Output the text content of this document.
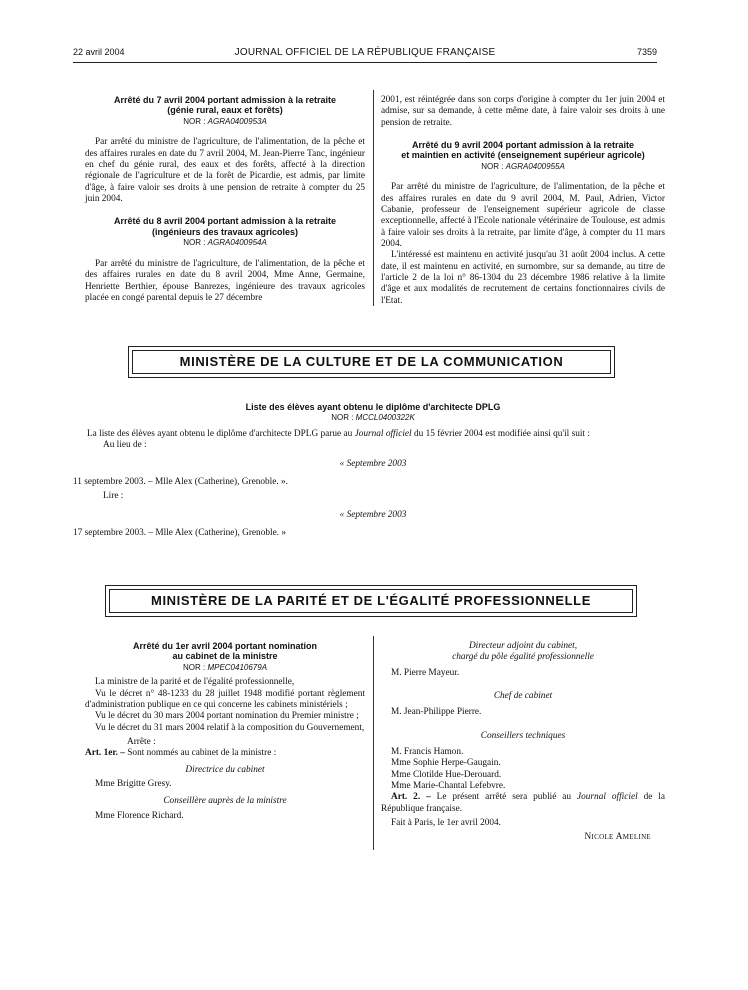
22 avril 2004	JOURNAL OFFICIEL DE LA RÉPUBLIQUE FRANÇAISE	7359
Arrêté du 7 avril 2004 portant admission à la retraite
(génie rural, eaux et forêts)
NOR : AGRA0400953A

Par arrêté du ministre de l'agriculture, de l'alimentation, de la pêche et des affaires rurales en date du 7 avril 2004, M. Jean-Pierre Tanc, ingénieur en chef du génie rural, des eaux et des forêts, affecté à la direction régionale de l'agriculture et de la forêt de Picardie, est admis, par limite d'âge, à faire valoir ses droits à une pension de retraite à compter du 25 juin 2004.

Arrêté du 8 avril 2004 portant admission à la retraite
(ingénieurs des travaux agricoles)
NOR : AGRA0400954A

Par arrêté du ministre de l'agriculture, de l'alimentation, de la pêche et des affaires rurales en date du 8 avril 2004, Mme Anne, Germaine, Henriette Berthier, épouse Banrezes, ingénieure des travaux agricoles placée en congé parental depuis le 27 décembre

2001, est réintégrée dans son corps d'origine à compter du 1er juin 2004 et admise, sur sa demande, à cette même date, à faire valoir ses droits à une pension de retraite.

Arrêté du 9 avril 2004 portant admission à la retraite
et maintien en activité (enseignement supérieur agricole)
NOR : AGRA0400955A

Par arrêté du ministre de l'agriculture, de l'alimentation, de la pêche et des affaires rurales en date du 9 avril 2004, M. Paul, Adrien, Victor Cabanie, professeur de l'enseignement supérieur agricole de classe exceptionnelle, affecté à l'Ecole nationale vétérinaire de Toulouse, est admis à faire valoir ses droits à la retraite, par limite d'âge, à compter du 11 mars 2004.

L'intéressé est maintenu en activité jusqu'au 31 août 2004 inclus. A cette date, il est maintenu en activité, en surnombre, sur sa demande, au titre de l'article 2 de la loi n° 86-1304 du 23 décembre 1986 relative à la limite d'âge et aux modalités de recrutement de certains fonctionnaires civils de l'Etat.

MINISTÈRE DE LA CULTURE ET DE LA COMMUNICATION
Liste des élèves ayant obtenu le diplôme d'architecte DPLG
NOR : MCCL0400322K
La liste des élèves ayant obtenu le diplôme d'architecte DPLG parue au Journal officiel du 15 février 2004 est modifiée ainsi qu'il suit :
Au lieu de :
« Septembre 2003
11 septembre 2003. – Mlle Alex (Catherine), Grenoble. ».
Lire :
« Septembre 2003
17 septembre 2003. – Mlle Alex (Catherine), Grenoble. »
MINISTÈRE DE LA PARITÉ ET DE L'ÉGALITÉ PROFESSIONNELLE
Arrêté du 1er avril 2004 portant nomination
au cabinet de la ministre
NOR : MPEC0410679A

La ministre de la parité et de l'égalité professionnelle,

Vu le décret n° 48-1233 du 28 juillet 1948 modifié portant règlement d'administration publique en ce qui concerne les cabinets ministériels ;

Vu le décret du 30 mars 2004 portant nomination du Premier ministre ;

Vu le décret du 31 mars 2004 relatif à la composition du Gouvernement,

Arrête :
Art. 1er. – Sont nommés au cabinet de la ministre :
Directrice du cabinet
Mme Brigitte Gresy.
Conseillère auprès de la ministre
Mme Florence Richard.
Directeur adjoint du cabinet,
chargé du pôle égalité professionnelle
M. Pierre Mayeur.
Chef de cabinet
M. Jean-Philippe Pierre.
Conseillers techniques
M. Francis Hamon.
Mme Sophie Herpe-Gaugain.
Mme Clotilde Hue-Derouard.
Mme Marie-Chantal Lefebvre.
Art. 2. – Le présent arrêté sera publié au Journal officiel de la République française.
Fait à Paris, le 1er avril 2004.
Nicole Ameline
